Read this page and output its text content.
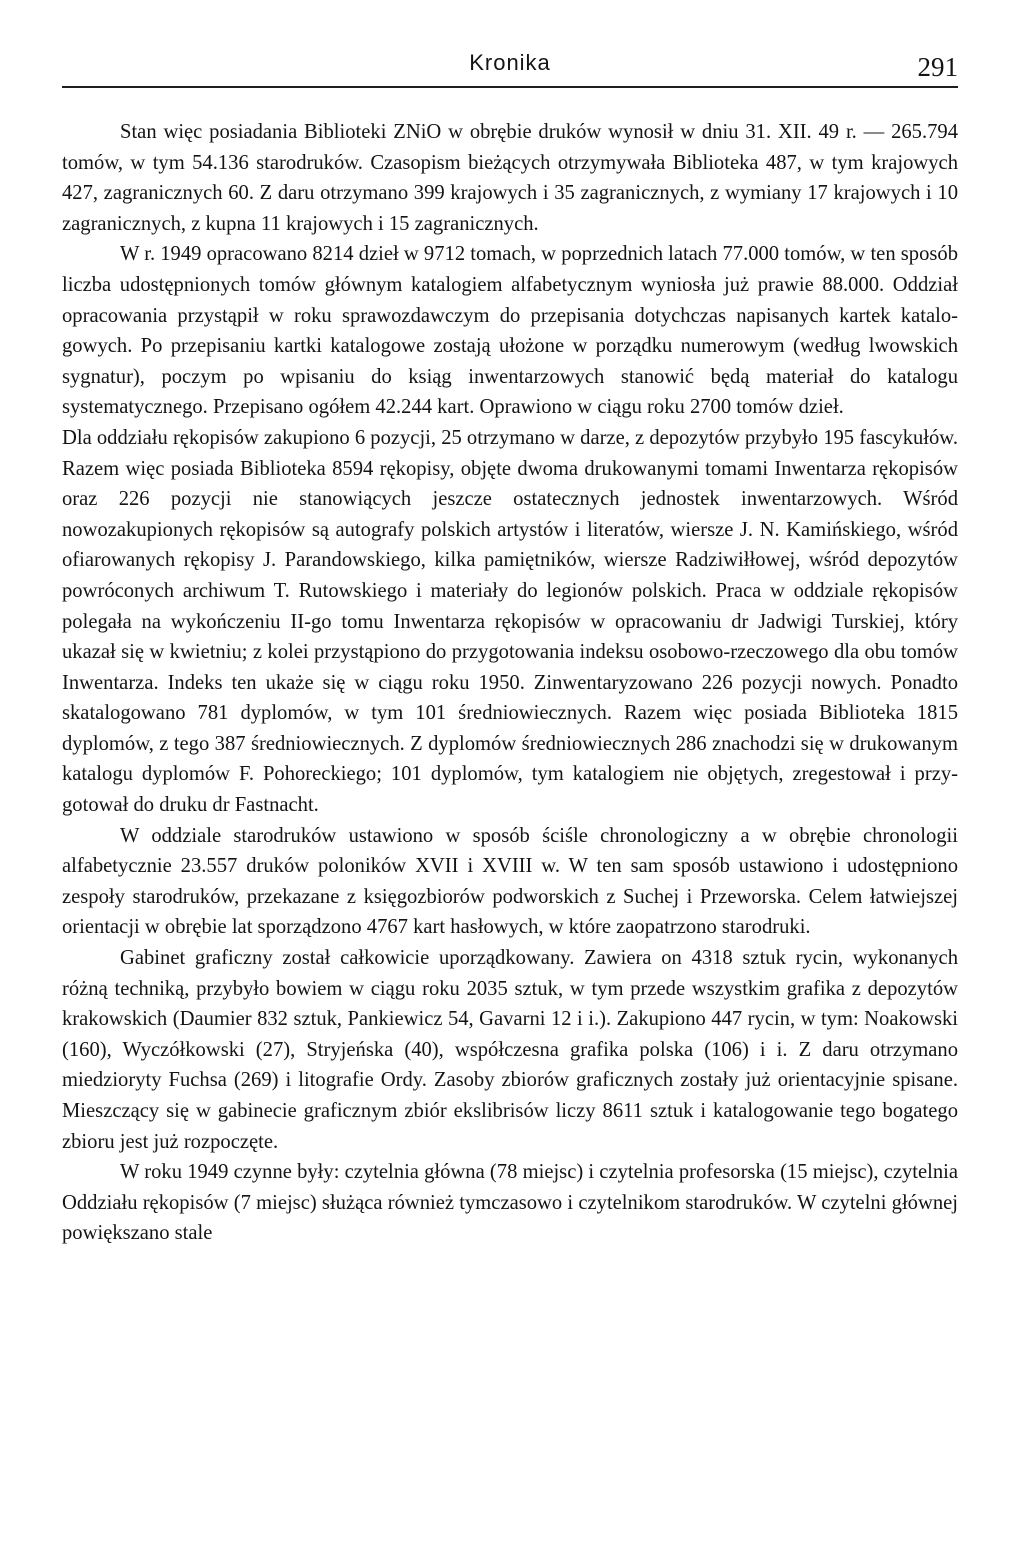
Kronika	291

Stan więc posiadania Biblioteki ZNiO w obrębie druków wynosił w dniu 31. XII. 49 r. — 265.794 tomów, w tym 54.136 starodruków. Czasopism bieżących otrzymywała Biblioteka 487, w tym krajowych 427, zagranicznych 60. Z daru otrzymano 399 krajowych i 35 zagranicznych, z wymiany 17 krajowych i 10 zagranicznych, z kupna 11 krajowych i 15 zagranicznych.

W r. 1949 opracowano 8214 dzieł w 9712 tomach, w poprzednich latach 77.000 tomów, w ten sposób liczba udostępnionych tomów głównym katalogiem alfabetycznym wyniosła już prawie 88.000. Oddział opracowania przystąpił w roku sprawozdawczym do przepisania dotychczas napisanych kartek katalogowych. Po przepisaniu kartki katalogowe zostają ułożone w porządku numerowym (według lwowskich sygnatur), poczym po wpisaniu do ksiąg inwentarzowych stanowić będą materiał do katalogu systematycznego. Przepisano ogółem 42.244 kart. Oprawiono w ciągu roku 2700 tomów dzieł.

Dla oddziału rękopisów zakupiono 6 pozycji, 25 otrzymano w darze, z depozytów przybyło 195 fascykułów. Razem więc posiada Biblioteka 8594 rękopisy, objęte dwoma drukowanymi tomami Inwentarza rękopisów oraz 226 pozycji nie stanowiących jeszcze ostatecznych jednostek inwentarzowych. Wśród nowozakupionych rękopisów są autografy polskich artystów i literatów, wiersze J. N. Kamińskiego, wśród ofiarowanych rękopisy J. Parandowskiego, kilka pamiętników, wiersze Radziwiłłowej, wśród depozytów powróconych archiwum T. Rutowskiego i materiały do legionów polskich. Praca w oddziale rękopisów polegała na wykończeniu II-go tomu Inwentarza rękopisów w opracowaniu dr Jadwigi Turskiej, który ukazał się w kwietniu; z kolei przystąpiono do przygotowania indeksu osobowo-rzeczowego dla obu tomów Inwentarza. Indeks ten ukaże się w ciągu roku 1950. Zinwentaryzowano 226 pozycji nowych. Ponadto skatalogowano 781 dyplomów, w tym 101 średniowiecznych. Razem więc posiada Biblioteka 1815 dyplomów, z tego 387 średniowiecznych. Z dyplomów średniowiecznych 286 znachodzi się w drukowanym katalogu dyplomów F. Pohoreckiego; 101 dyplomów, tym katalogiem nie objętych, zregestował i przygotował do druku dr Fastnacht.

W oddziale starodruków ustawiono w sposób ściśle chronologiczny a w obrębie chronologii alfabetycznie 23.557 druków poloników XVII i XVIII w. W ten sam sposób ustawiono i udostępniono zespoły starodruków, przekazane z księgozbiorów podworskich z Suchej i Przeworska. Celem łatwiejszej orientacji w obrębie lat sporządzono 4767 kart hasłowych, w które zaopatrzono starodruki.

Gabinet graficzny został całkowicie uporządkowany. Zawiera on 4318 sztuk rycin, wykonanych różną techniką, przybyło bowiem w ciągu roku 2035 sztuk, w tym przede wszystkim grafika z depozytów krakowskich (Daumier 832 sztuk, Pankiewicz 54, Gavarni 12 i i.). Zakupiono 447 rycin, w tym: Noakowski (160), Wyczółkowski (27), Stryjeńska (40), współczesna grafika polska (106) i i. Z daru otrzymano miedzioryty Fuchsa (269) i litografie Ordy. Zasoby zbiorów graficznych zostały już orientacyjnie spisane. Mieszczący się w gabinecie graficznym zbiór ekslibrisów liczy 8611 sztuk i katalogowanie tego bogatego zbioru jest już rozpoczęte.

W roku 1949 czynne były: czytelnia główna (78 miejsc) i czytelnia profesorska (15 miejsc), czytelnia Oddziału rękopisów (7 miejsc) służąca również tymczasowo i czytelnikom starodruków. W czytelni głównej powiększano stale
